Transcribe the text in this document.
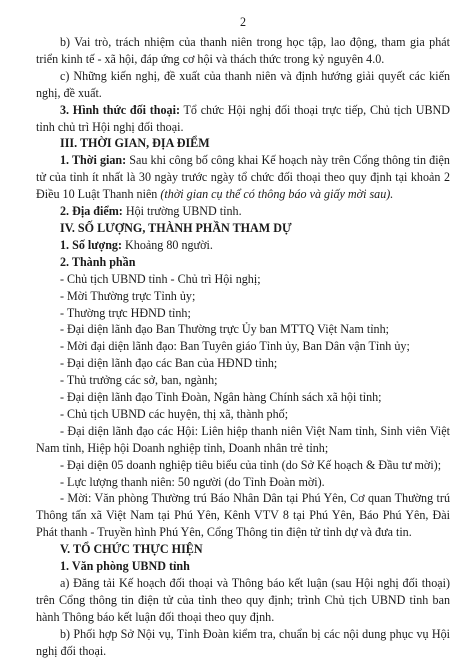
2

b) Vai trò, trách nhiệm của thanh niên trong học tập, lao động, tham gia phát triển kinh tế - xã hội, đáp ứng cơ hội và thách thức trong kỷ nguyên 4.0.

c) Những kiến nghị, đề xuất của thanh niên và định hướng giải quyết các kiến nghị, đề xuất.

3. Hình thức đối thoại: Tổ chức Hội nghị đối thoại trực tiếp, Chủ tịch UBND tỉnh chủ trì Hội nghị đối thoại.

III. THỜI GIAN, ĐỊA ĐIỂM

1. Thời gian: Sau khi công bố công khai Kế hoạch này trên Cổng thông tin điện tử của tỉnh ít nhất là 30 ngày trước ngày tổ chức đối thoại theo quy định tại khoản 2 Điều 10 Luật Thanh niên (thời gian cụ thể có thông báo và giấy mời sau).

2. Địa điểm: Hội trường UBND tỉnh.

IV. SỐ LƯỢNG, THÀNH PHẦN THAM DỰ

1. Số lượng: Khoảng 80 người.

2. Thành phần

- Chủ tịch UBND tỉnh - Chủ trì Hội nghị;

- Mời Thường trực Tỉnh ủy;

- Thường trực HĐND tỉnh;

- Đại diện lãnh đạo Ban Thường trực Ủy ban MTTQ Việt Nam tỉnh;

- Mời đại diện lãnh đạo: Ban Tuyên giáo Tỉnh ủy, Ban Dân vận Tỉnh ủy;

- Đại diện lãnh đạo các Ban của HĐND tỉnh;

- Thủ trưởng các sở, ban, ngành;

- Đại diện lãnh đạo Tỉnh Đoàn, Ngân hàng Chính sách xã hội tỉnh;

- Chủ tịch UBND các huyện, thị xã, thành phố;

- Đại diện lãnh đạo các Hội: Liên hiệp thanh niên Việt Nam tỉnh, Sinh viên Việt Nam tỉnh, Hiệp hội Doanh nghiệp tỉnh, Doanh nhân trẻ tỉnh;

- Đại diện 05 doanh nghiệp tiêu biểu của tỉnh (do Sở Kế hoạch & Đầu tư mời);

- Lực lượng thanh niên: 50 người (do Tỉnh Đoàn mời).

- Mời: Văn phòng Thường trú Báo Nhân Dân tại Phú Yên, Cơ quan Thường trú Thông tấn xã Việt Nam tại Phú Yên, Kênh VTV 8 tại Phú Yên, Báo Phú Yên, Đài Phát thanh - Truyền hình Phú Yên, Cổng Thông tin điện tử tỉnh dự và đưa tin.

V. TỔ CHỨC THỰC HIỆN

1. Văn phòng UBND tỉnh

a) Đăng tải Kế hoạch đối thoại và Thông báo kết luận (sau Hội nghị đối thoại) trên Cổng thông tin điện tử của tỉnh theo quy định; trình Chủ tịch UBND tỉnh ban hành Thông báo kết luận đối thoại theo quy định.

b) Phối hợp Sở Nội vụ, Tỉnh Đoàn kiểm tra, chuẩn bị các nội dung phục vụ Hội nghị đối thoại.
